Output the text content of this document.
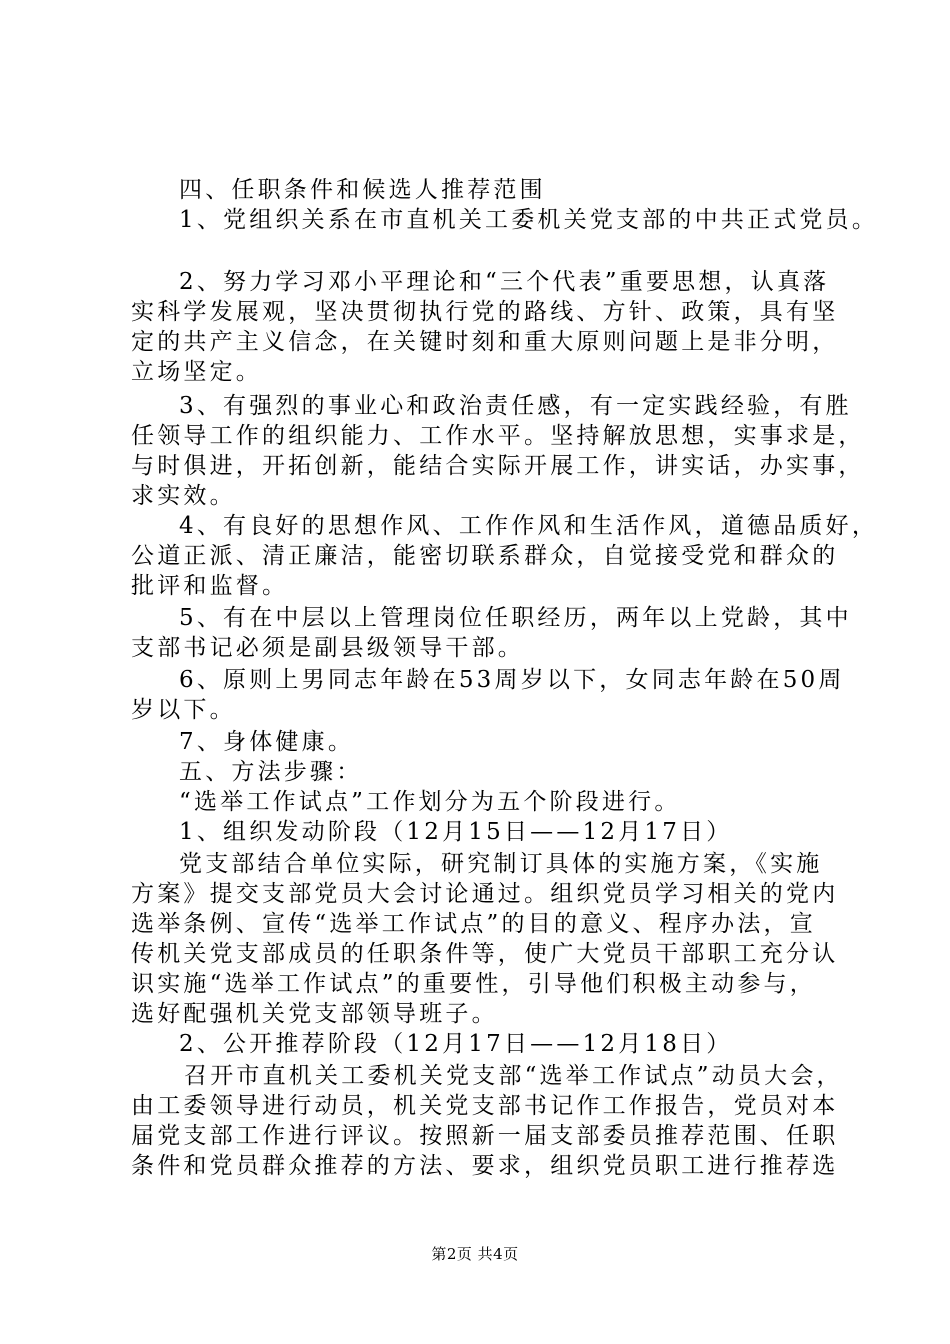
四、任职条件和候选人推荐范围
1、党组织关系在市直机关工委机关党支部的中共正式党员。
2、努力学习邓小平理论和“三个代表”重要思想，认真落
实科学发展观，坚决贯彻执行党的路线、方针、政策，具有坚
定的共产主义信念，在关键时刻和重大原则问题上是非分明，
立场坚定。
3、有强烈的事业心和政治责任感，有一定实践经验，有胜
任领导工作的组织能力、工作水平。坚持解放思想，实事求是，
与时俱进，开拓创新，能结合实际开展工作，讲实话，办实事，
求实效。
4、有良好的思想作风、工作作风和生活作风，道德品质好，
公道正派、清正廉洁，能密切联系群众，自觉接受党和群众的
批评和监督。
5、有在中层以上管理岗位任职经历，两年以上党龄，其中
支部书记必须是副县级领导干部。
6、原则上男同志年龄在53周岁以下，女同志年龄在50周
岁以下。
7、身体健康。
五、方法步骤：
“选举工作试点”工作划分为五个阶段进行。
1、组织发动阶段（12月15日——12月17日）
党支部结合单位实际，研究制订具体的实施方案，《实施
方案》提交支部党员大会讨论通过。组织党员学习相关的党内
选举条例、宣传“选举工作试点”的目的意义、程序办法，宣
传机关党支部成员的任职条件等，使广大党员干部职工充分认
识实施“选举工作试点”的重要性，引导他们积极主动参与，
选好配强机关党支部领导班子。
2、公开推荐阶段（12月17日——12月18日）
召开市直机关工委机关党支部“选举工作试点”动员大会，
由工委领导进行动员，机关党支部书记作工作报告，党员对本
届党支部工作进行评议。按照新一届支部委员推荐范围、任职
条件和党员群众推荐的方法、要求，组织党员职工进行推荐选
第2页 共4页
